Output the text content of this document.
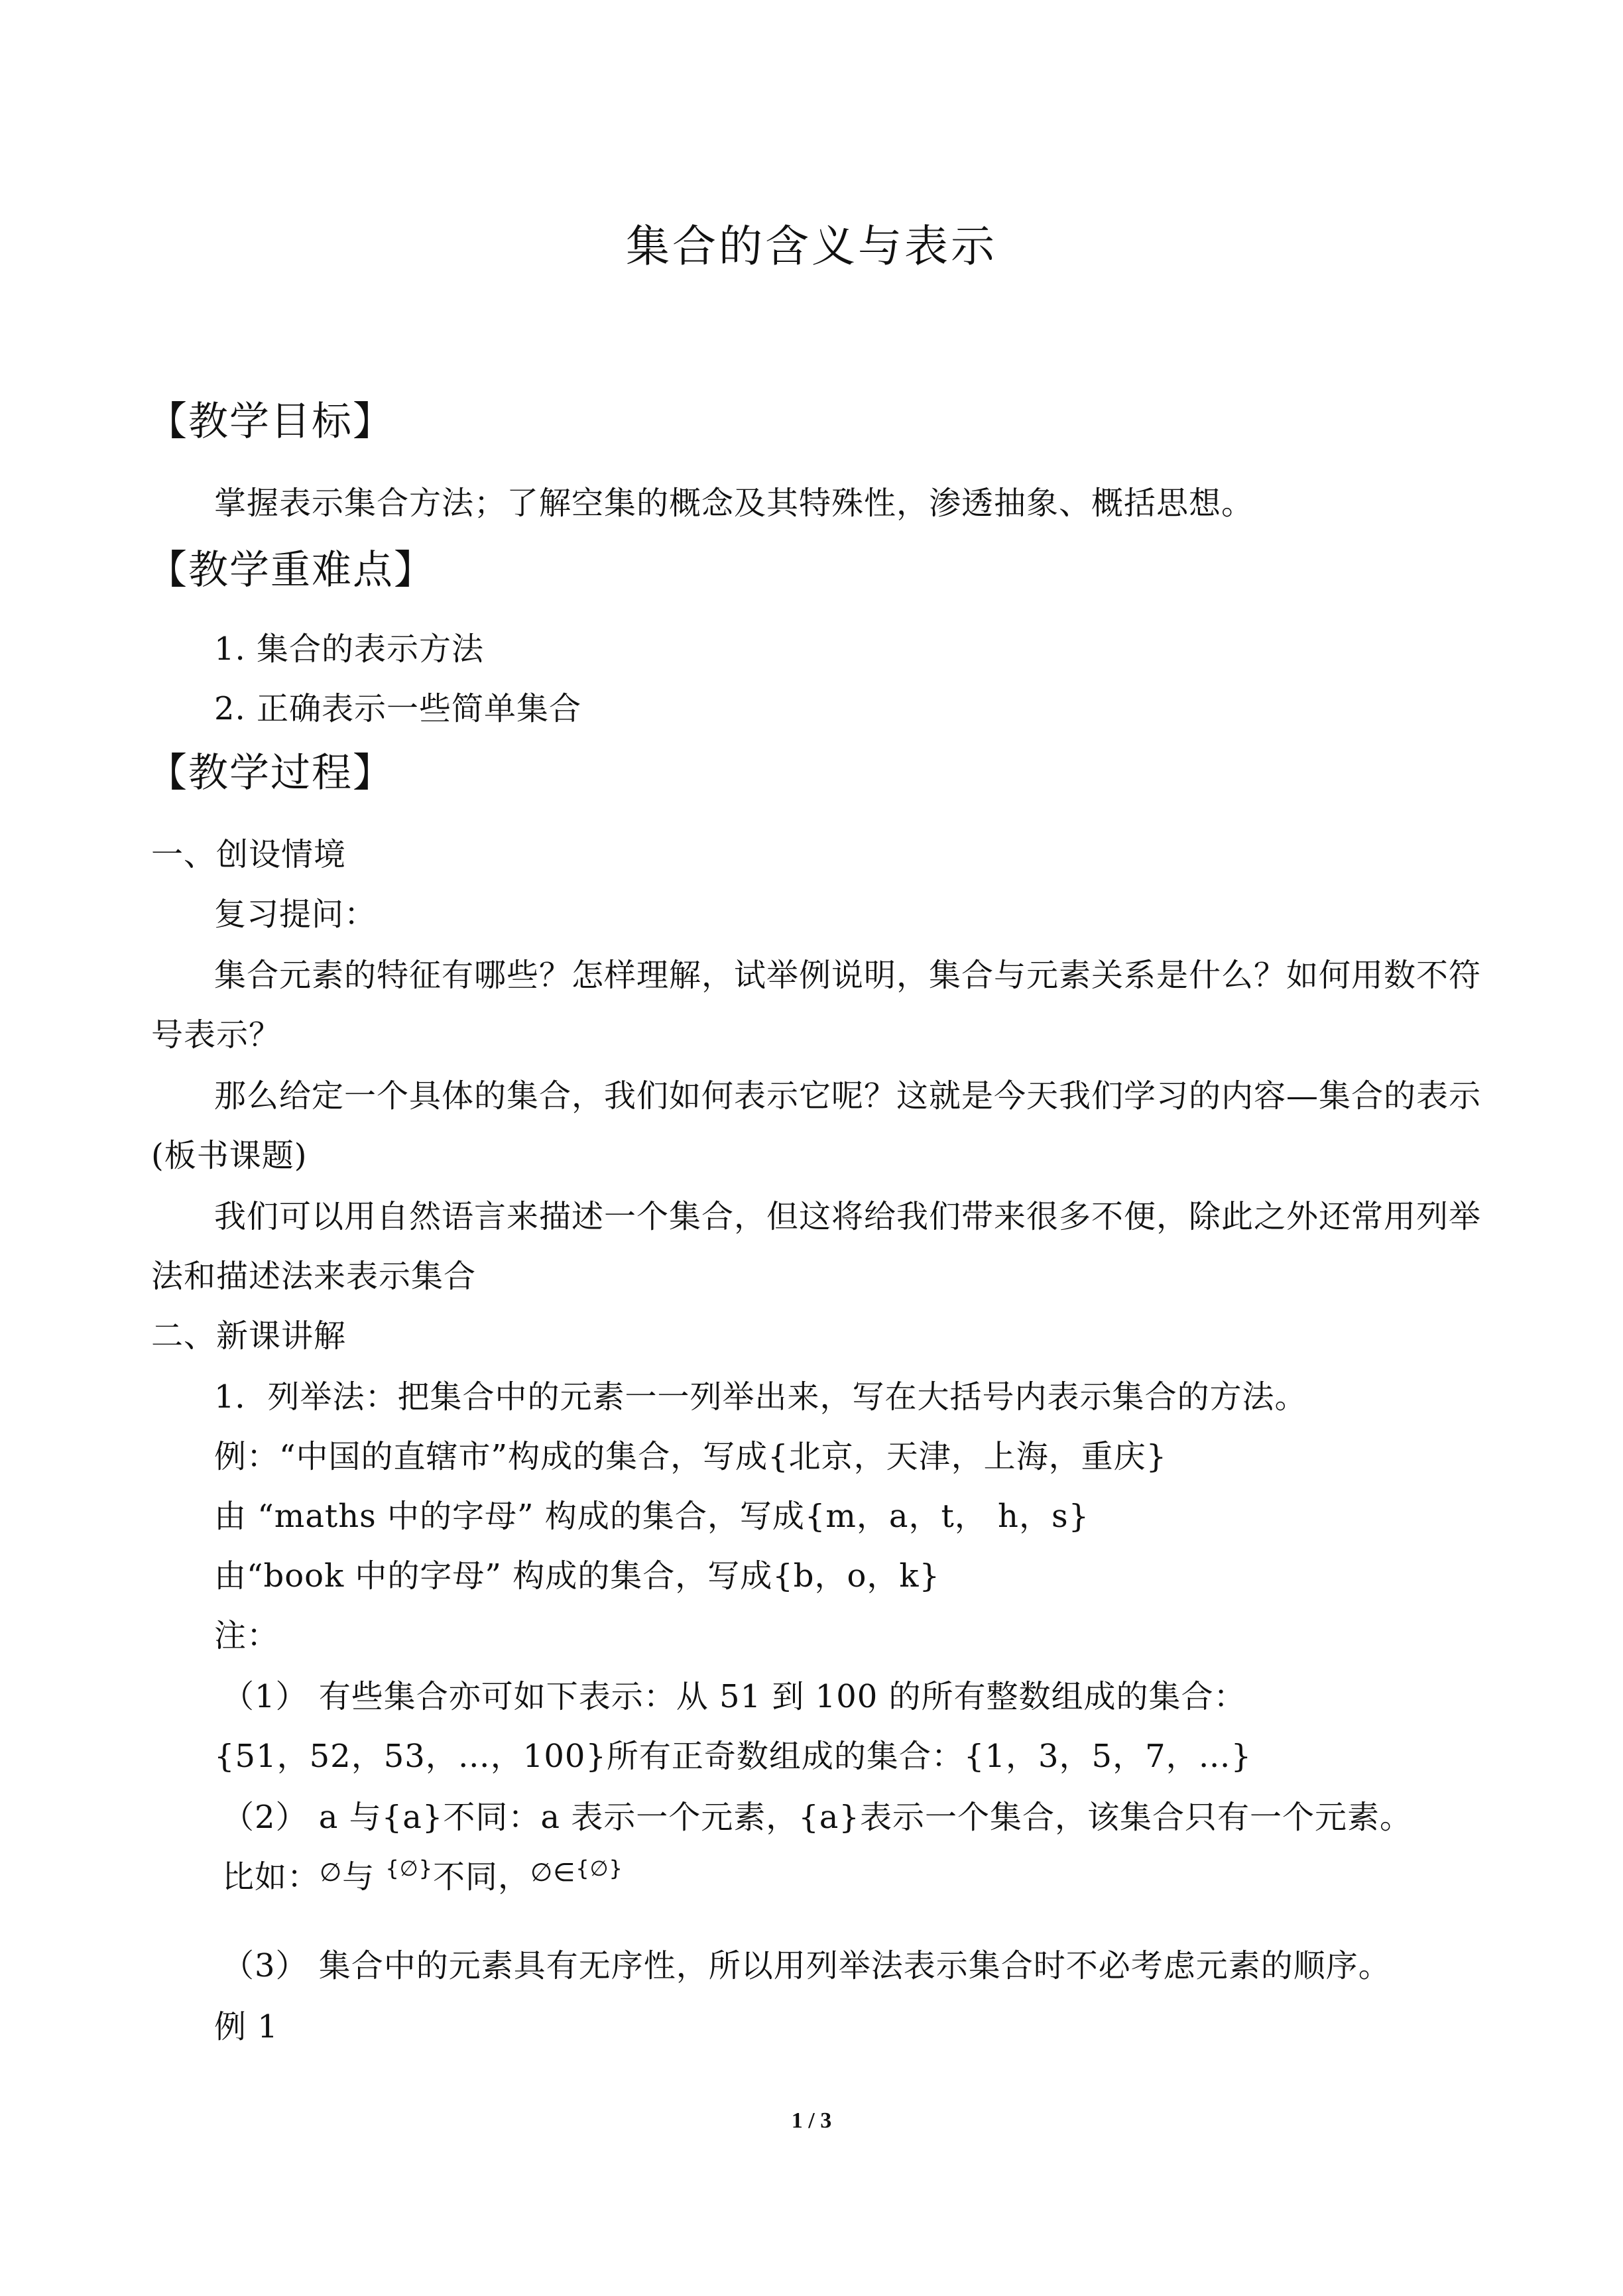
集合的含义与表示
【教学目标】
掌握表示集合方法；了解空集的概念及其特殊性，渗透抽象、概括思想。
【教学重难点】
1. 集合的表示方法
2. 正确表示一些简单集合
【教学过程】
一、创设情境
复习提问：
集合元素的特征有哪些？怎样理解，试举例说明，集合与元素关系是什么？如何用数不符
号表示？
那么给定一个具体的集合，我们如何表示它呢？这就是今天我们学习的内容—集合的表示
(板书课题)
我们可以用自然语言来描述一个集合，但这将给我们带来很多不便，除此之外还常用列举
法和描述法来表示集合
二、新课讲解
1．列举法：把集合中的元素一一列举出来，写在大括号内表示集合的方法。
例：“中国的直辖市”构成的集合，写成{北京，天津，上海，重庆}
由 “maths 中的字母” 构成的集合，写成{m，a，t， h，s}
由“book 中的字母” 构成的集合，写成{b，o，k}
注：
（1） 有些集合亦可如下表示：从 51 到 100 的所有整数组成的集合：
{51，52，53，…，100}所有正奇数组成的集合：{1，3，5，7，…}
（2） a 与{a}不同：a 表示一个元素，{a}表示一个集合，该集合只有一个元素。
比如：∅与 {∅}不同，∅∈{∅}
（3） 集合中的元素具有无序性，所以用列举法表示集合时不必考虑元素的顺序。
例 1
1 / 3
